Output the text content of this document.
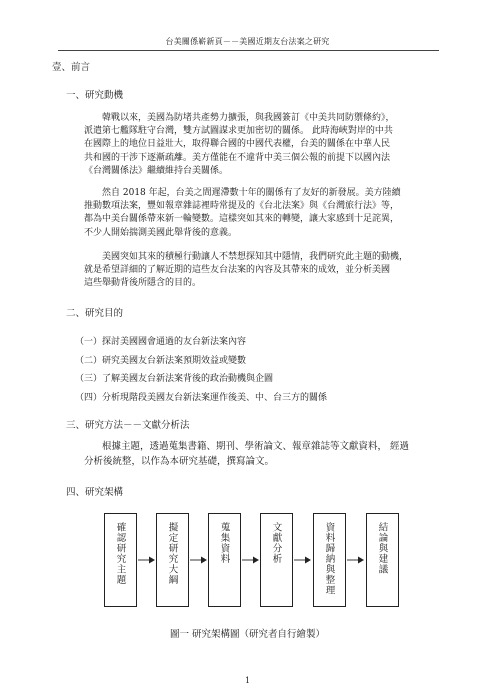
台美關係嶄新頁－－美國近期友台法案之研究
壹、前言
一、研究動機
韓戰以來，美國為防堵共產勢力擴張，與我國簽訂《中美共同防禦條約》，
派遣第七艦隊駐守台灣，雙方試圖謀求更加密切的關係。 此時海峽對岸的中共
在國際上的地位日益壯大，取得聯合國的中國代表權，台美的關係在中華人民
共和國的干涉下逐漸疏離。美方僅能在不違背中美三個公報的前提下以國內法
《台灣關係法》繼續維持台美關係。
然自 2018 年起，台美之間遲滯數十年的關係有了友好的新發展。美方陸續
推動數項法案，豐如報章雜誌裡時常提及的《台北法案》與《台灣旅行法》等，
都為中美台關係帶來新一輪變數。這樣突如其來的轉變，讓大家感到十足詫異，
不少人開始揣測美國此舉背後的意義。
美國突如其來的積極行動讓人不禁想探知其中隱情，我們研究此主題的動機，
就是希望詳細的了解近期的這些友台法案的內容及其帶來的成效，並分析美國
這些舉動背後所隱含的目的。
二、研究目的
（一）探討美國國會通過的友台新法案內容
（二）研究美國友台新法案預期效益或變數
（三）了解美國友台新法案背後的政治動機與企圖
（四）分析現階段美國友台新法案運作後美、中、台三方的關係
三、研究方法－－文獻分析法
根據主題，透過蒐集書籍、期刊、學術論文、報章雜誌等文獻資料， 經過
分析後統整，以作為本研究基礎，撰寫論文。
四、研究架構
確認研究主題	擬定研究大綱	蒐集資料	文獻分析	資料歸納與整理	結論與建議
圖一 研究架構圖（研究者自行繪製）
1
